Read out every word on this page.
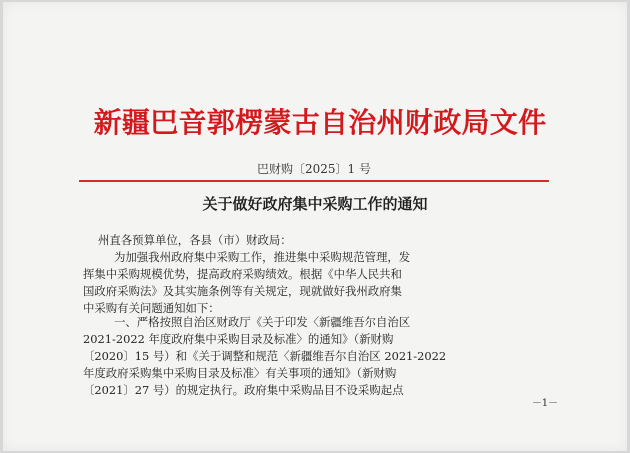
新疆巴音郭楞蒙古自治州财政局文件
巴财购〔2025〕1 号
关于做好政府集中采购工作的通知
州直各预算单位，各县（市）财政局：
为加强我州政府集中采购工作，推进集中采购规范管理，发
挥集中采购规模优势，提高政府采购绩效。根据《中华人民共和
国政府采购法》及其实施条例等有关规定，现就做好我州政府集
中采购有关问题通知如下：
一、严格按照自治区财政厅《关于印发〈新疆维吾尔自治区
2021-2022 年度政府集中采购目录及标准〉的通知》（新财购
〔2020〕15 号）和《关于调整和规范〈新疆维吾尔自治区 2021-2022
年度政府采购集中采购目录及标准〉有关事项的通知》（新财购
〔2021〕27 号）的规定执行。政府集中采购品目不设采购起点
－1－
